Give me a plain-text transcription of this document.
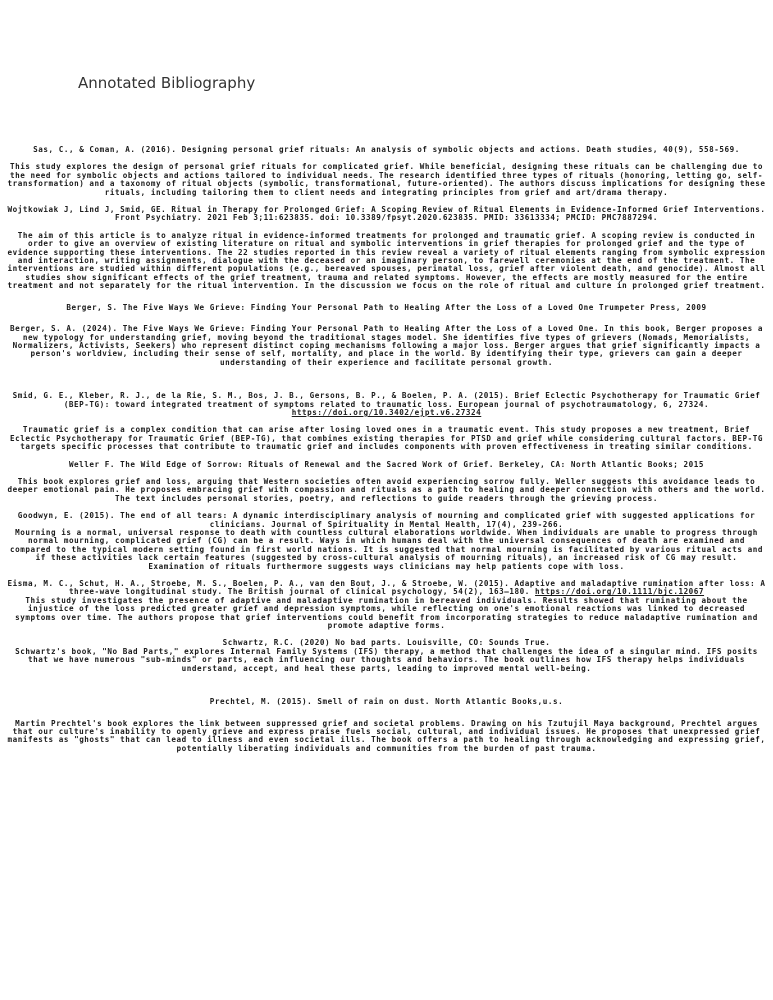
Annotated Bibliography

Sas, C., & Coman, A. (2016). Designing personal grief rituals: An analysis of symbolic objects and actions. Death studies, 40(9), 558-569.

This study explores the design of personal grief rituals for complicated grief. While beneficial, designing these rituals can be challenging due to the need for symbolic objects and actions tailored to individual needs. The research identified three types of rituals (honoring, letting go, self-transformation) and a taxonomy of ritual objects (symbolic, transformational, future-oriented). The authors discuss implications for designing these rituals, including tailoring them to client needs and integrating principles from grief and art/drama therapy.

Wojtkowiak J, Lind J, Smid, GE. Ritual in Therapy for Prolonged Grief: A Scoping Review of Ritual Elements in Evidence-Informed Grief Interventions. Front Psychiatry. 2021 Feb 3;11:623835. doi: 10.3389/fpsyt.2020.623835. PMID: 33613334; PMCID: PMC7887294.

The aim of this article is to analyze ritual in evidence-informed treatments for prolonged and traumatic grief. A scoping review is conducted in order to give an overview of existing literature on ritual and symbolic interventions in grief therapies for prolonged grief and the type of evidence supporting these interventions. The 22 studies reported in this review reveal a variety of ritual elements ranging from symbolic expression and interaction, writing assignments, dialogue with the deceased or an imaginary person, to farewell ceremonies at the end of the treatment. The interventions are studied within different populations (e.g., bereaved spouses, perinatal loss, grief after violent death, and genocide). Almost all studies show significant effects of the grief treatment, trauma and related symptoms. However, the effects are mostly measured for the entire treatment and not separately for the ritual intervention. In the discussion we focus on the role of ritual and culture in prolonged grief treatment.

Berger, S. The Five Ways We Grieve: Finding Your Personal Path to Healing After the Loss of a Loved One Trumpeter Press, 2009

Berger, S. A. (2024). The Five Ways We Grieve: Finding Your Personal Path to Healing After the Loss of a Loved One. In this book, Berger proposes a new typology for understanding grief, moving beyond the traditional stages model. She identifies five types of grievers (Nomads, Memorialists, Normalizers, Activists, Seekers) who represent distinct coping mechanisms following a major loss. Berger argues that grief significantly impacts a person's worldview, including their sense of self, mortality, and place in the world. By identifying their type, grievers can gain a deeper understanding of their experience and facilitate personal growth.

Smid, G. E., Kleber, R. J., de la Rie, S. M., Bos, J. B., Gersons, B. P., & Boelen, P. A. (2015). Brief Eclectic Psychotherapy for Traumatic Grief (BEP-TG): toward integrated treatment of symptoms related to traumatic loss. European journal of psychotraumatology, 6, 27324. https://doi.org/10.3402/ejpt.v6.27324

Traumatic grief is a complex condition that can arise after losing loved ones in a traumatic event. This study proposes a new treatment, Brief Eclectic Psychotherapy for Traumatic Grief (BEP-TG), that combines existing therapies for PTSD and grief while considering cultural factors. BEP-TG targets specific processes that contribute to traumatic grief and includes components with proven effectiveness in treating similar conditions.

Weller F. The Wild Edge of Sorrow: Rituals of Renewal and the Sacred Work of Grief. Berkeley, CA: North Atlantic Books; 2015

This book explores grief and loss, arguing that Western societies often avoid experiencing sorrow fully. Weller suggests this avoidance leads to deeper emotional pain. He proposes embracing grief with compassion and rituals as a path to healing and deeper connection with others and the world. The text includes personal stories, poetry, and reflections to guide readers through the grieving process.

Goodwyn, E. (2015). The end of all tears: A dynamic interdisciplinary analysis of mourning and complicated grief with suggested applications for clinicians. Journal of Spirituality in Mental Health, 17(4), 239-266.

Mourning is a normal, universal response to death with countless cultural elaborations worldwide. When individuals are unable to progress through normal mourning, complicated grief (CG) can be a result. Ways in which humans deal with the universal consequences of death are examined and compared to the typical modern setting found in first world nations. It is suggested that normal mourning is facilitated by various ritual acts and if these activities lack certain features (suggested by cross-cultural analysis of mourning rituals), an increased risk of CG may result. Examination of rituals furthermore suggests ways clinicians may help patients cope with loss.

Eisma, M. C., Schut, H. A., Stroebe, M. S., Boelen, P. A., van den Bout, J., & Stroebe, W. (2015). Adaptive and maladaptive rumination after loss: A three-wave longitudinal study. The British journal of clinical psychology, 54(2), 163–180. https://doi.org/10.1111/bjc.12067

This study investigates the presence of adaptive and maladaptive rumination in bereaved individuals. Results showed that ruminating about the injustice of the loss predicted greater grief and depression symptoms, while reflecting on one's emotional reactions was linked to decreased symptoms over time. The authors propose that grief interventions could benefit from incorporating strategies to reduce maladaptive rumination and promote adaptive forms.

Schwartz, R.C. (2020) No bad parts. Louisville, CO: Sounds True.

Schwartz's book, "No Bad Parts," explores Internal Family Systems (IFS) therapy, a method that challenges the idea of a singular mind. IFS posits that we have numerous "sub-minds" or parts, each influencing our thoughts and behaviors. The book outlines how IFS therapy helps individuals understand, accept, and heal these parts, leading to improved mental well-being.

Prechtel, M. (2015). Smell of rain on dust. North Atlantic Books,u.s.

Martin Prechtel's book explores the link between suppressed grief and societal problems. Drawing on his Tzutujil Maya background, Prechtel argues that our culture's inability to openly grieve and express praise fuels social, cultural, and individual issues. He proposes that unexpressed grief manifests as "ghosts" that can lead to illness and even societal ills. The book offers a path to healing through acknowledging and expressing grief, potentially liberating individuals and communities from the burden of past trauma.
